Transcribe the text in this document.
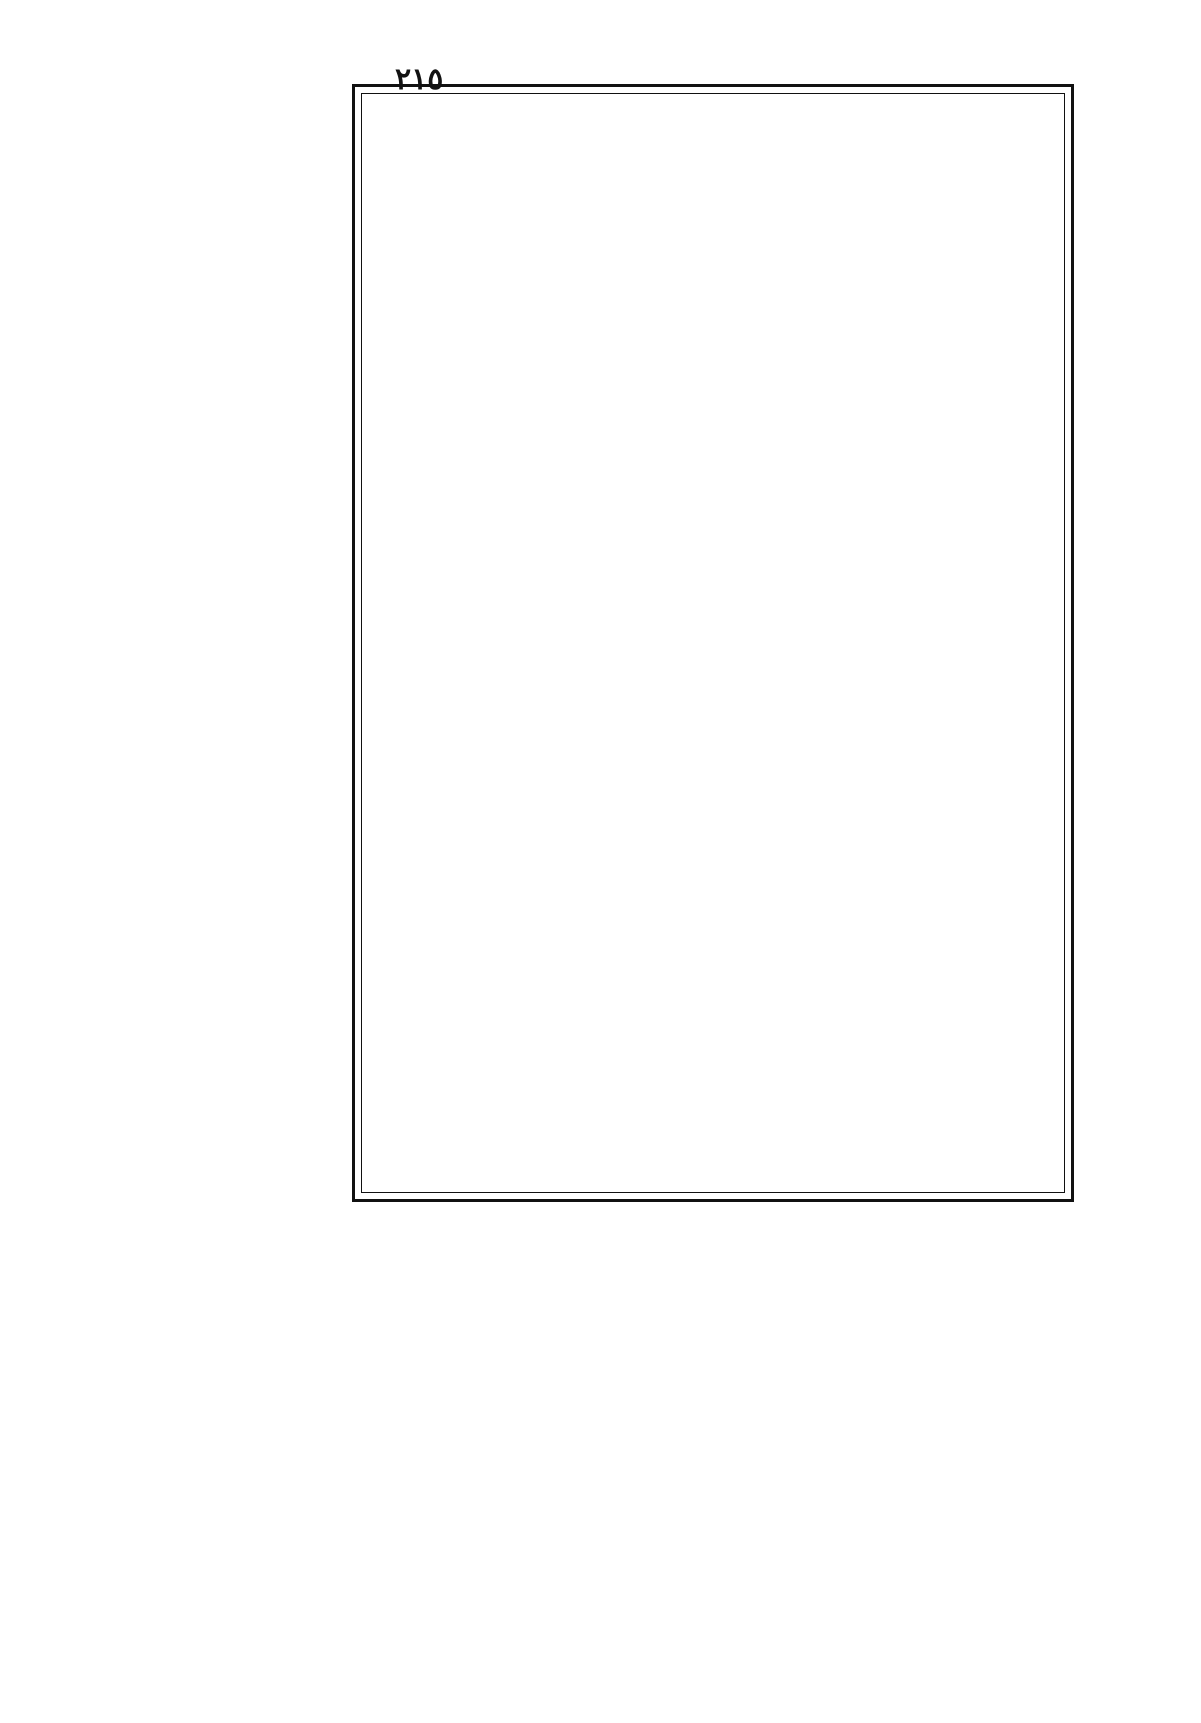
٢١٥
